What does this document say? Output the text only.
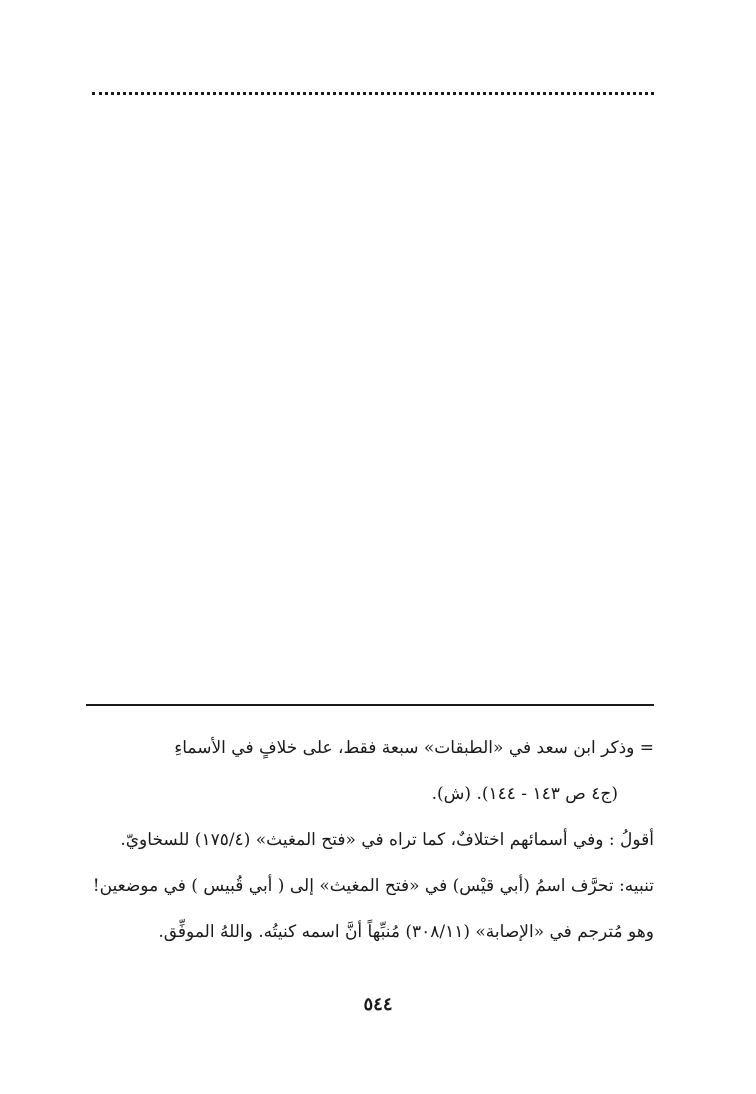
= وذكر ابن سعد في «الطبقات» سبعة فقط، على خلافٍ في الأسماءِ
(ج٤ ص ١٤٣ - ١٤٤). (ش).
أقولُ : وفي أسمائهم اختلافٌ، كما تراه في «فتح المغيث» (١٧٥/٤) للسخاويّ.
تنبيه: تحرَّف اسمُ (أبي قيْس) في «فتح المغيث» إلى ( أبي قُبيس ) في موضعين!
وهو مُترجم في «الإصابة» (٣٠٨/١١) مُنبِّهاً أنَّ اسمه كنيتُه. واللهُ الموفِّق.
٥٤٤
